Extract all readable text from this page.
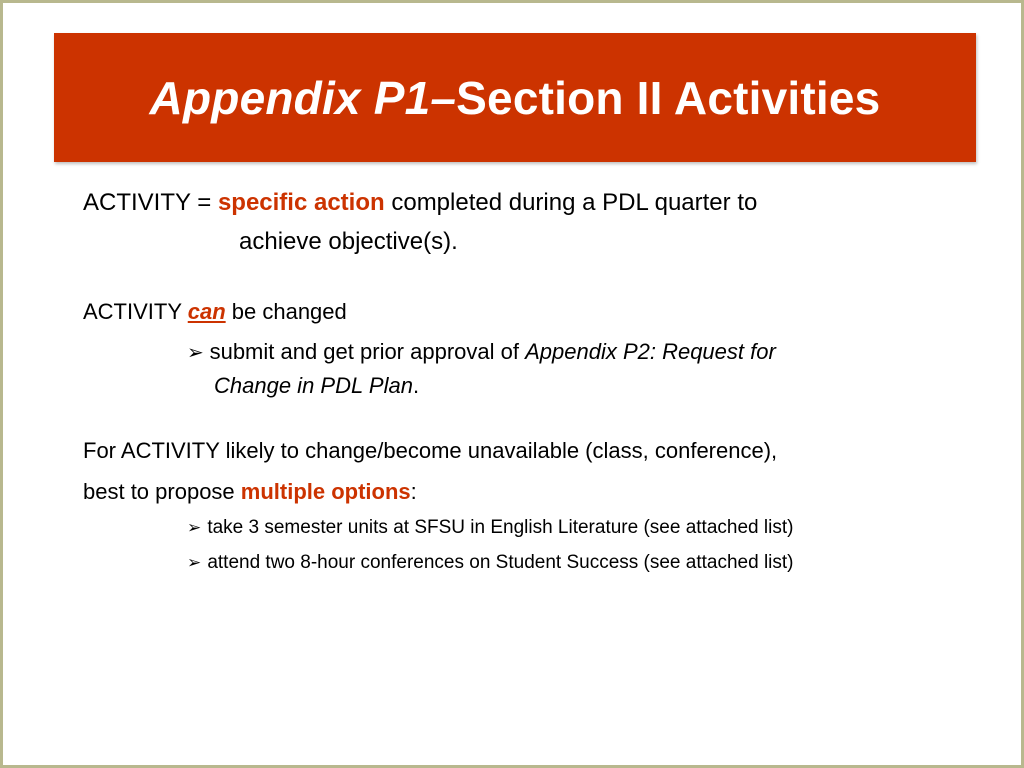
Appendix P1–Section II Activities
ACTIVITY = specific action completed during a PDL quarter to
achieve objective(s).
ACTIVITY can be changed
➢ submit and get prior approval of Appendix P2: Request for
Change in PDL Plan.
For ACTIVITY likely to change/become unavailable (class, conference),
best to propose multiple options:
➢ take 3 semester units at SFSU in English Literature (see attached list)
➢ attend two 8-hour conferences on Student Success (see attached list)
